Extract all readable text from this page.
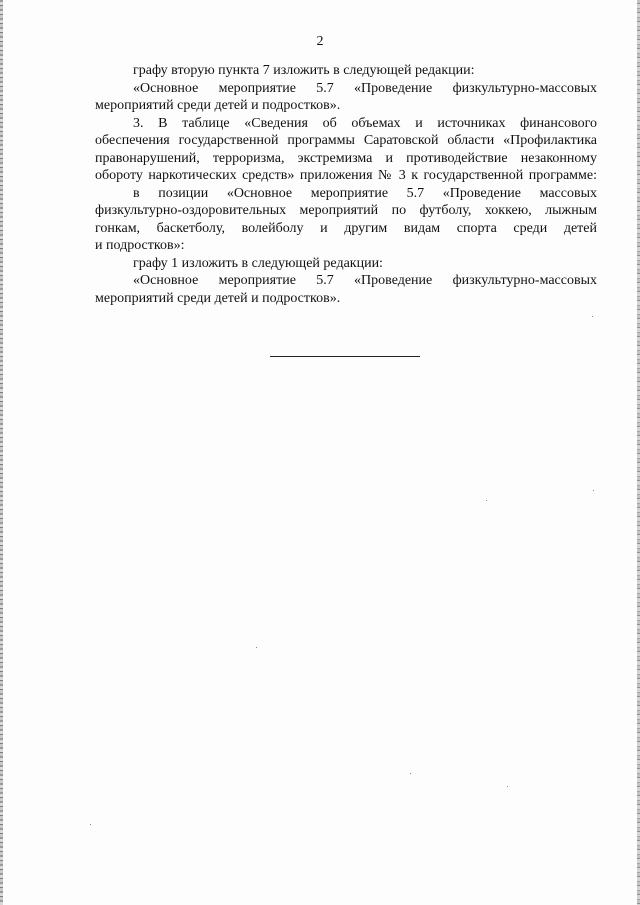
2
графу вторую пункта 7 изложить в следующей редакции:
«Основное мероприятие 5.7 «Проведение физкультурно-массовых
мероприятий среди детей и подростков».
3. В таблице «Сведения об объемах и источниках финансового
обеспечения государственной программы Саратовской области «Профилактика
правонарушений, терроризма, экстремизма и противодействие незаконному
обороту наркотических средств» приложения № 3 к государственной программе:
в позиции «Основное мероприятие 5.7 «Проведение массовых
физкультурно-оздоровительных мероприятий по футболу, хоккею, лыжным
гонкам, баскетболу, волейболу и другим видам спорта среди детей
и подростков»:
графу 1 изложить в следующей редакции:
«Основное мероприятие 5.7 «Проведение физкультурно-массовых
мероприятий среди детей и подростков».
